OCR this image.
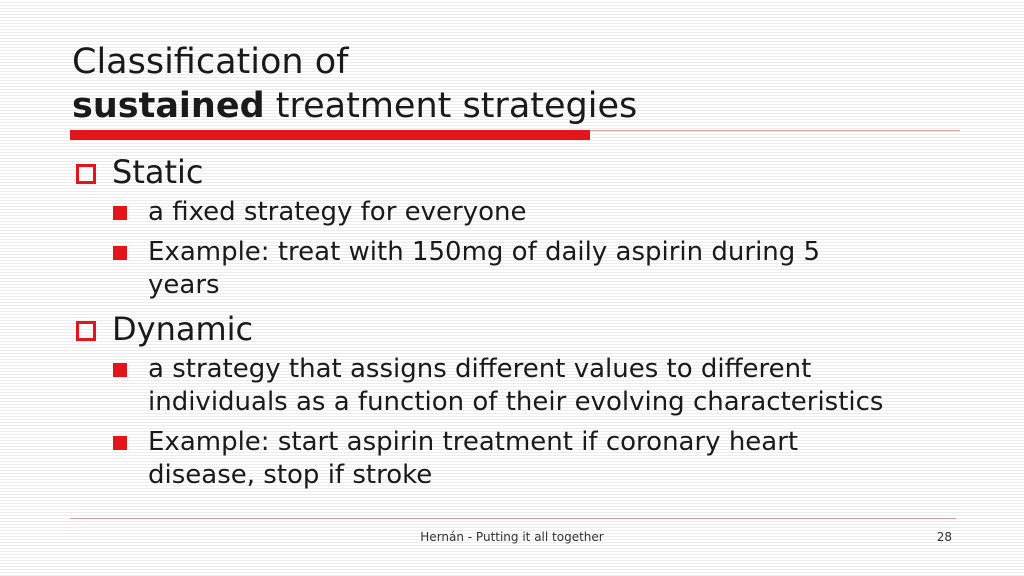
Classification of
sustained treatment strategies
Static
a fixed strategy for everyone
Example: treat with 150mg of daily aspirin during 5
years
Dynamic
a strategy that assigns different values to different
individuals as a function of their evolving characteristics
Example: start aspirin treatment if coronary heart
disease, stop if stroke
Hernán - Putting it all together	28
